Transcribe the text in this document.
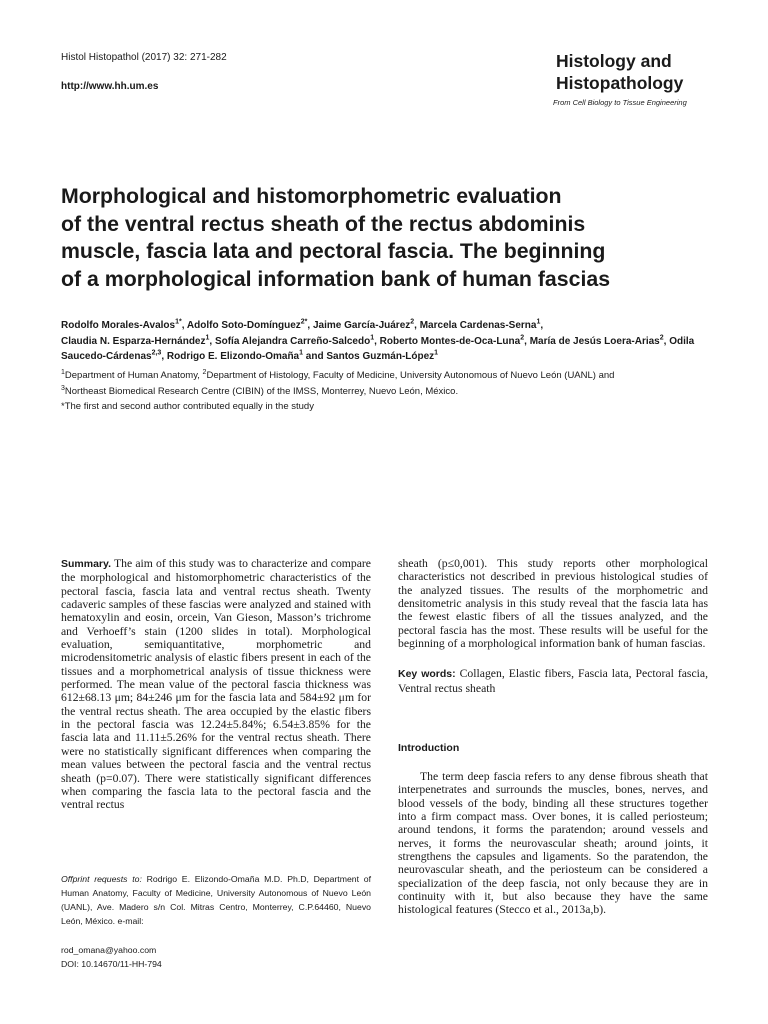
Histol Histopathol (2017) 32: 271-282
http://www.hh.um.es
Histology and
Histopathology
From Cell Biology to Tissue Engineering
Morphological and histomorphometric evaluation
of the ventral rectus sheath of the rectus abdominis
muscle, fascia lata and pectoral fascia. The beginning
of a morphological information bank of human fascias
Rodolfo Morales-Avalos$^{1*}$, Adolfo Soto-Domínguez$^{2*}$, Jaime García-Juárez$^2$, Marcela Cardenas-Serna$^1$,
Claudia N. Esparza-Hernández$^1$, Sofía Alejandra Carreño-Salcedo$^1$, Roberto Montes-de-Oca-Luna$^2$, María de Jesús Loera-Arias$^2$, Odila Saucedo-Cárdenas$^{2,3}$, Rodrigo E. Elizondo-Omaña$^1$ and Santos Guzmán-López$^1$
$^1$Department of Human Anatomy, $^2$Department of Histology, Faculty of Medicine, University Autonomous of Nuevo León (UANL) and
$^3$Northeast Biomedical Research Centre (CIBIN) of the IMSS, Monterrey, Nuevo León, México.
*The first and second author contributed equally in the study

Summary. The aim of this study was to characterize and compare the morphological and histomorphometric characteristics of the pectoral fascia, fascia lata and ventral rectus sheath. Twenty cadaveric samples of these fascias were analyzed and stained with hematoxylin and eosin, orcein, Van Gieson, Masson’s trichrome and Verhoeff’s stain (1200 slides in total). Morphological evaluation, semiquantitative, morphometric and microdensitometric analysis of elastic fibers present in each of the tissues and a morphometrical analysis of tissue thickness were performed. The mean value of the pectoral fascia thickness was 612±68.13 μm; 84±246 μm for the fascia lata and 584±92 μm for the ventral rectus sheath. The area occupied by the elastic fibers in the pectoral fascia was 12.24±5.84%; 6.54±3.85% for the fascia lata and 11.11±5.26% for the ventral rectus sheath. There were no statistically significant differences when comparing the mean values between the pectoral fascia and the ventral rectus sheath (p=0.07). There were statistically significant differences when comparing the fascia lata to the pectoral fascia and the ventral rectus

sheath (p≤0,001). This study reports other morphological characteristics not described in previous histological studies of the analyzed tissues. The results of the morphometric and densitometric analysis in this study reveal that the fascia lata has the fewest elastic fibers of all the tissues analyzed, and the pectoral fascia has the most. These results will be useful for the beginning of a morphological information bank of human fascias.

Key words: Collagen, Elastic fibers, Fascia lata, Pectoral fascia, Ventral rectus sheath

Introduction

The term deep fascia refers to any dense fibrous sheath that interpenetrates and surrounds the muscles, bones, nerves, and blood vessels of the body, binding all these structures together into a firm compact mass. Over bones, it is called periosteum; around tendons, it forms the paratendon; around vessels and nerves, it forms the neurovascular sheath; around joints, it strengthens the capsules and ligaments. So the paratendon, the neurovascular sheath, and the periosteum can be considered a specialization of the deep fascia, not only because they are in continuity with it, but also because they have the same histological features (Stecco et al., 2013a,b).

Offprint requests to: Rodrigo E. Elizondo-Omaña M.D. Ph.D, Department of Human Anatomy, Faculty of Medicine, University Autonomous of Nuevo León (UANL), Ave. Madero s/n Col. Mitras Centro, Monterrey, C.P.64460, Nuevo León, México. e-mail:
rod_omana@yahoo.com
DOI: 10.14670/11-HH-794
